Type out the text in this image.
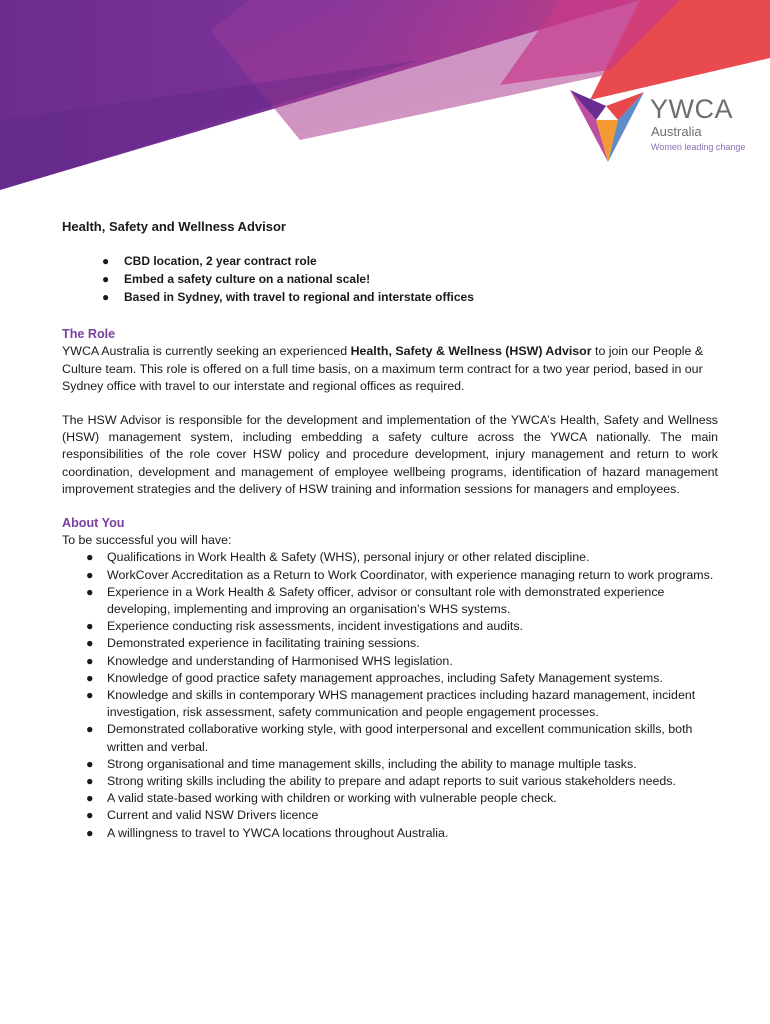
YWCA
Australia
Women leading change
Health, Safety and Wellness Advisor
● CBD location, 2 year contract role
● Embed a safety culture on a national scale!
● Based in Sydney, with travel to regional and interstate offices
The Role

YWCA Australia is currently seeking an experienced Health, Safety & Wellness (HSW) Advisor to join our People & Culture team. This role is offered on a full time basis, on a maximum term contract for a two year period, based in our Sydney office with travel to our interstate and regional offices as required.

The HSW Advisor is responsible for the development and implementation of the YWCA’s Health, Safety and Wellness (HSW) management system, including embedding a safety culture across the YWCA nationally. The main responsibilities of the role cover HSW policy and procedure development, injury management and return to work coordination, development and management of employee wellbeing programs, identification of hazard management improvement strategies and the delivery of HSW training and information sessions for managers and employees.

About You

To be successful you will have:

● Qualifications in Work Health & Safety (WHS), personal injury or other related discipline.
● WorkCover Accreditation as a Return to Work Coordinator, with experience managing return to work programs.
● Experience in a Work Health & Safety officer, advisor or consultant role with demonstrated experience developing, implementing and improving an organisation’s WHS systems.
● Experience conducting risk assessments, incident investigations and audits.
● Demonstrated experience in facilitating training sessions.
● Knowledge and understanding of Harmonised WHS legislation.
● Knowledge of good practice safety management approaches, including Safety Management systems.
● Knowledge and skills in contemporary WHS management practices including hazard management, incident investigation, risk assessment, safety communication and people engagement processes.
● Demonstrated collaborative working style, with good interpersonal and excellent communication skills, both written and verbal.
● Strong organisational and time management skills, including the ability to manage multiple tasks.
● Strong writing skills including the ability to prepare and adapt reports to suit various stakeholders needs.
● A valid state-based working with children or working with vulnerable people check.
● Current and valid NSW Drivers licence
● A willingness to travel to YWCA locations throughout Australia.
